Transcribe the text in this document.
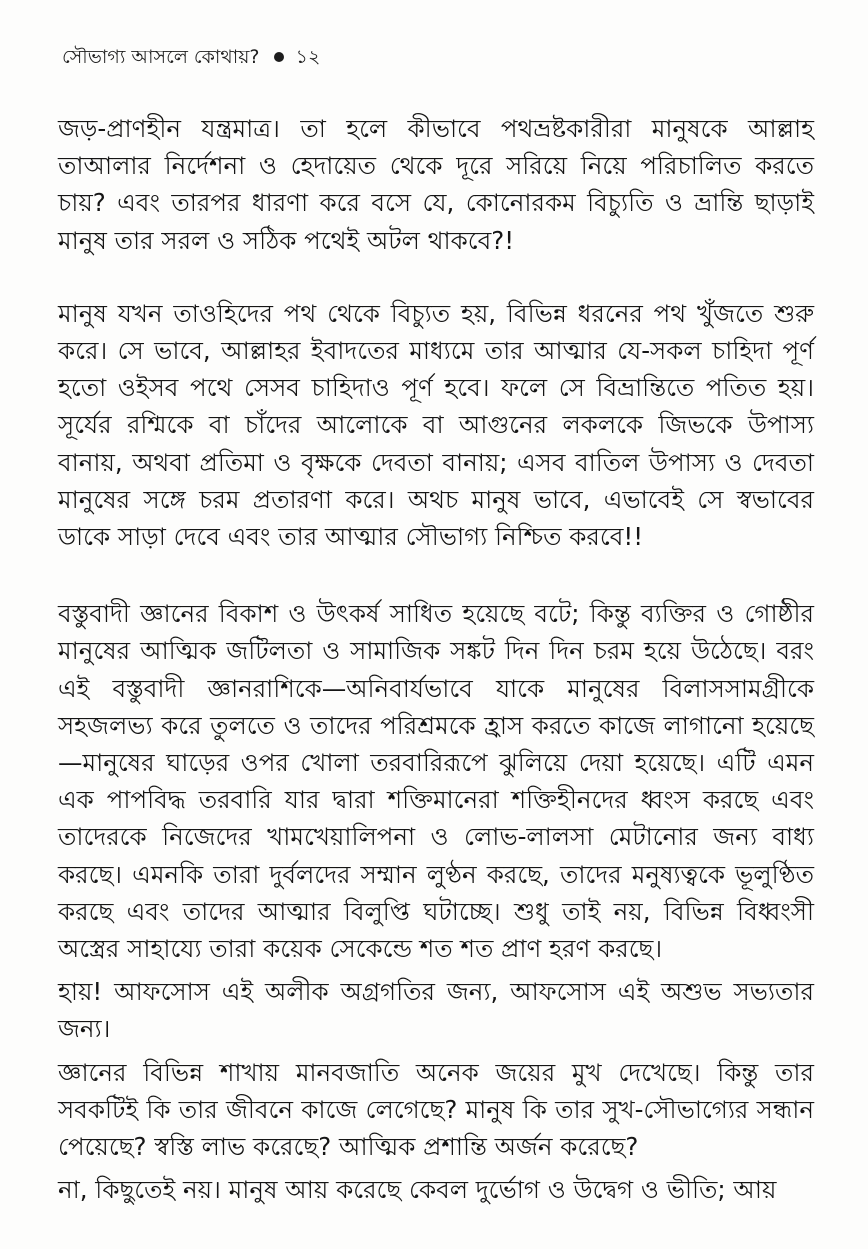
সৌভাগ্য আসলে কোথায়? ১২

জড়-প্রাণহীন যন্ত্রমাত্র। তা হলে কীভাবে পথভ্রষ্টকারীরা মানুষকে আল্লাহ তাআলার নির্দেশনা ও হেদায়েত থেকে দূরে সরিয়ে নিয়ে পরিচালিত করতে চায়? এবং তারপর ধারণা করে বসে যে, কোনোরকম বিচ্যুতি ও ভ্রান্তি ছাড়াই মানুষ তার সরল ও সঠিক পথেই অটল থাকবে?!

মানুষ যখন তাওহিদের পথ থেকে বিচ্যুত হয়, বিভিন্ন ধরনের পথ খুঁজতে শুরু করে। সে ভাবে, আল্লাহর ইবাদতের মাধ্যমে তার আত্মার যে-সকল চাহিদা পূর্ণ হতো ওইসব পথে সেসব চাহিদাও পূর্ণ হবে। ফলে সে বিভ্রান্তিতে পতিত হয়। সূর্যের রশ্মিকে বা চাঁদের আলোকে বা আগুনের লকলকে জিভকে উপাস্য বানায়, অথবা প্রতিমা ও বৃক্ষকে দেবতা বানায়; এসব বাতিল উপাস্য ও দেবতা মানুষের সঙ্গে চরম প্রতারণা করে। অথচ মানুষ ভাবে, এভাবেই সে স্বভাবের ডাকে সাড়া দেবে এবং তার আত্মার সৌভাগ্য নিশ্চিত করবে!!

বস্তুবাদী জ্ঞানের বিকাশ ও উৎকর্ষ সাধিত হয়েছে বটে; কিন্তু ব্যক্তির ও গোষ্ঠীর মানুষের আত্মিক জটিলতা ও সামাজিক সঙ্কট দিন দিন চরম হয়ে উঠেছে। বরং এই বস্তুবাদী জ্ঞানরাশিকে—অনিবার্যভাবে যাকে মানুষের বিলাসসামগ্রীকে সহজলভ্য করে তুলতে ও তাদের পরিশ্রমকে হ্রাস করতে কাজে লাগানো হয়েছে—মানুষের ঘাড়ের ওপর খোলা তরবারিরূপে ঝুলিয়ে দেয়া হয়েছে। এটি এমন এক পাপবিদ্ধ তরবারি যার দ্বারা শক্তিমানেরা শক্তিহীনদের ধ্বংস করছে এবং তাদেরকে নিজেদের খামখেয়ালিপনা ও লোভ-লালসা মেটানোর জন্য বাধ্য করছে। এমনকি তারা দুর্বলদের সম্মান লুণ্ঠন করছে, তাদের মনুষ্যত্বকে ভূলুণ্ঠিত করছে এবং তাদের আত্মার বিলুপ্তি ঘটাচ্ছে। শুধু তাই নয়, বিভিন্ন বিধ্বংসী অস্ত্রের সাহায্যে তারা কয়েক সেকেন্ডে শত শত প্রাণ হরণ করছে।

হায়! আফসোস এই অলীক অগ্রগতির জন্য, আফসোস এই অশুভ সভ্যতার জন্য।

জ্ঞানের বিভিন্ন শাখায় মানবজাতি অনেক জয়ের মুখ দেখেছে। কিন্তু তার সবকটিই কি তার জীবনে কাজে লেগেছে? মানুষ কি তার সুখ-সৌভাগ্যের সন্ধান পেয়েছে? স্বস্তি লাভ করেছে? আত্মিক প্রশান্তি অর্জন করেছে?

না, কিছুতেই নয়। মানুষ আয় করেছে কেবল দুর্ভোগ ও উদ্বেগ ও ভীতি; আয়
